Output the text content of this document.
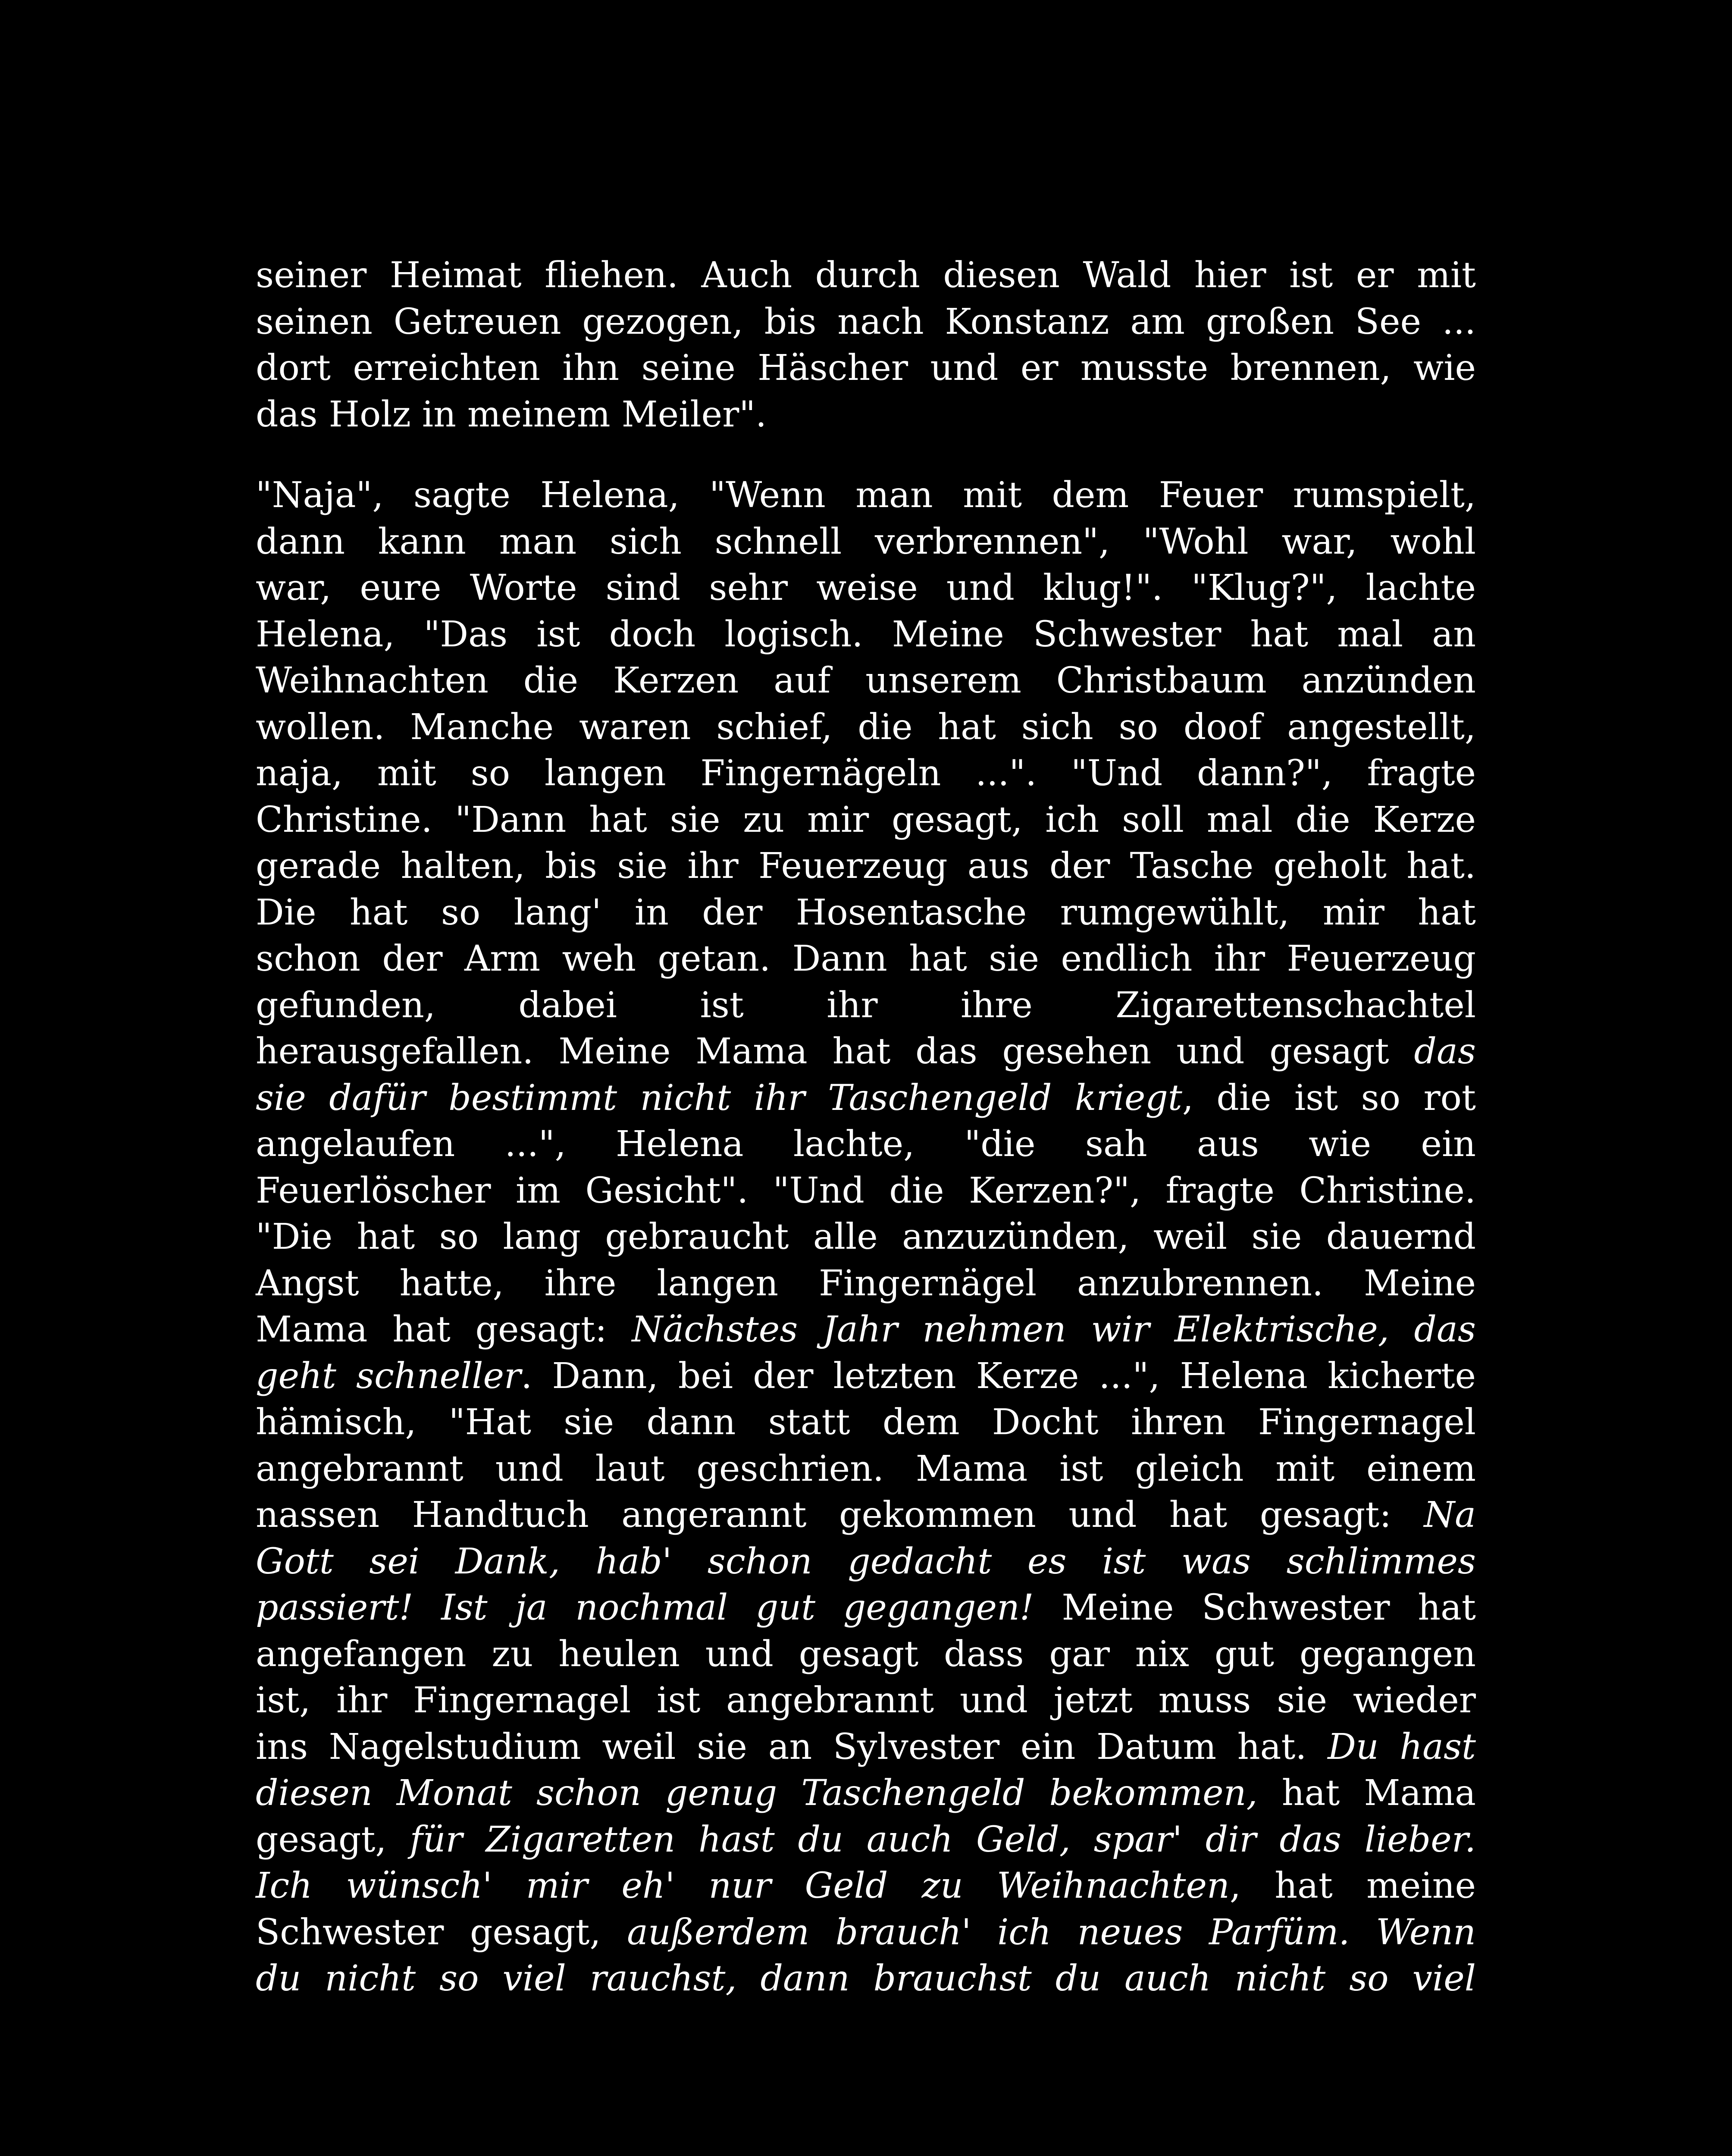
seiner Heimat fliehen. Auch durch diesen Wald hier ist er mit
seinen Getreuen gezogen, bis nach Konstanz am großen See ...
dort erreichten ihn seine Häscher und er musste brennen, wie
das Holz in meinem Meiler".
"Naja", sagte Helena, "Wenn man mit dem Feuer rumspielt,
dann kann man sich schnell verbrennen", "Wohl war, wohl
war, eure Worte sind sehr weise und klug!". "Klug?", lachte
Helena, "Das ist doch logisch. Meine Schwester hat mal an
Weihnachten die Kerzen auf unserem Christbaum anzünden
wollen. Manche waren schief, die hat sich so doof angestellt,
naja, mit so langen Fingernägeln ...". "Und dann?", fragte
Christine. "Dann hat sie zu mir gesagt, ich soll mal die Kerze
gerade halten, bis sie ihr Feuerzeug aus der Tasche geholt hat.
Die hat so lang' in der Hosentasche rumgewühlt, mir hat
schon der Arm weh getan. Dann hat sie endlich ihr Feuerzeug
gefunden, dabei ist ihr ihre Zigarettenschachtel
herausgefallen. Meine Mama hat das gesehen und gesagt das
sie dafür bestimmt nicht ihr Taschengeld kriegt, die ist so rot
angelaufen ...", Helena lachte, "die sah aus wie ein
Feuerlöscher im Gesicht". "Und die Kerzen?", fragte Christine.
"Die hat so lang gebraucht alle anzuzünden, weil sie dauernd
Angst hatte, ihre langen Fingernägel anzubrennen. Meine
Mama hat gesagt: Nächstes Jahr nehmen wir Elektrische, das
geht schneller. Dann, bei der letzten Kerze ...", Helena kicherte
hämisch, "Hat sie dann statt dem Docht ihren Fingernagel
angebrannt und laut geschrien. Mama ist gleich mit einem
nassen Handtuch angerannt gekommen und hat gesagt: Na
Gott sei Dank, hab' schon gedacht es ist was schlimmes
passiert! Ist ja nochmal gut gegangen! Meine Schwester hat
angefangen zu heulen und gesagt dass gar nix gut gegangen
ist, ihr Fingernagel ist angebrannt und jetzt muss sie wieder
ins Nagelstudium weil sie an Sylvester ein Datum hat. Du hast
diesen Monat schon genug Taschengeld bekommen, hat Mama
gesagt, für Zigaretten hast du auch Geld, spar' dir das lieber.
Ich wünsch' mir eh' nur Geld zu Weihnachten, hat meine
Schwester gesagt, außerdem brauch' ich neues Parfüm. Wenn
du nicht so viel rauchst, dann brauchst du auch nicht so viel
